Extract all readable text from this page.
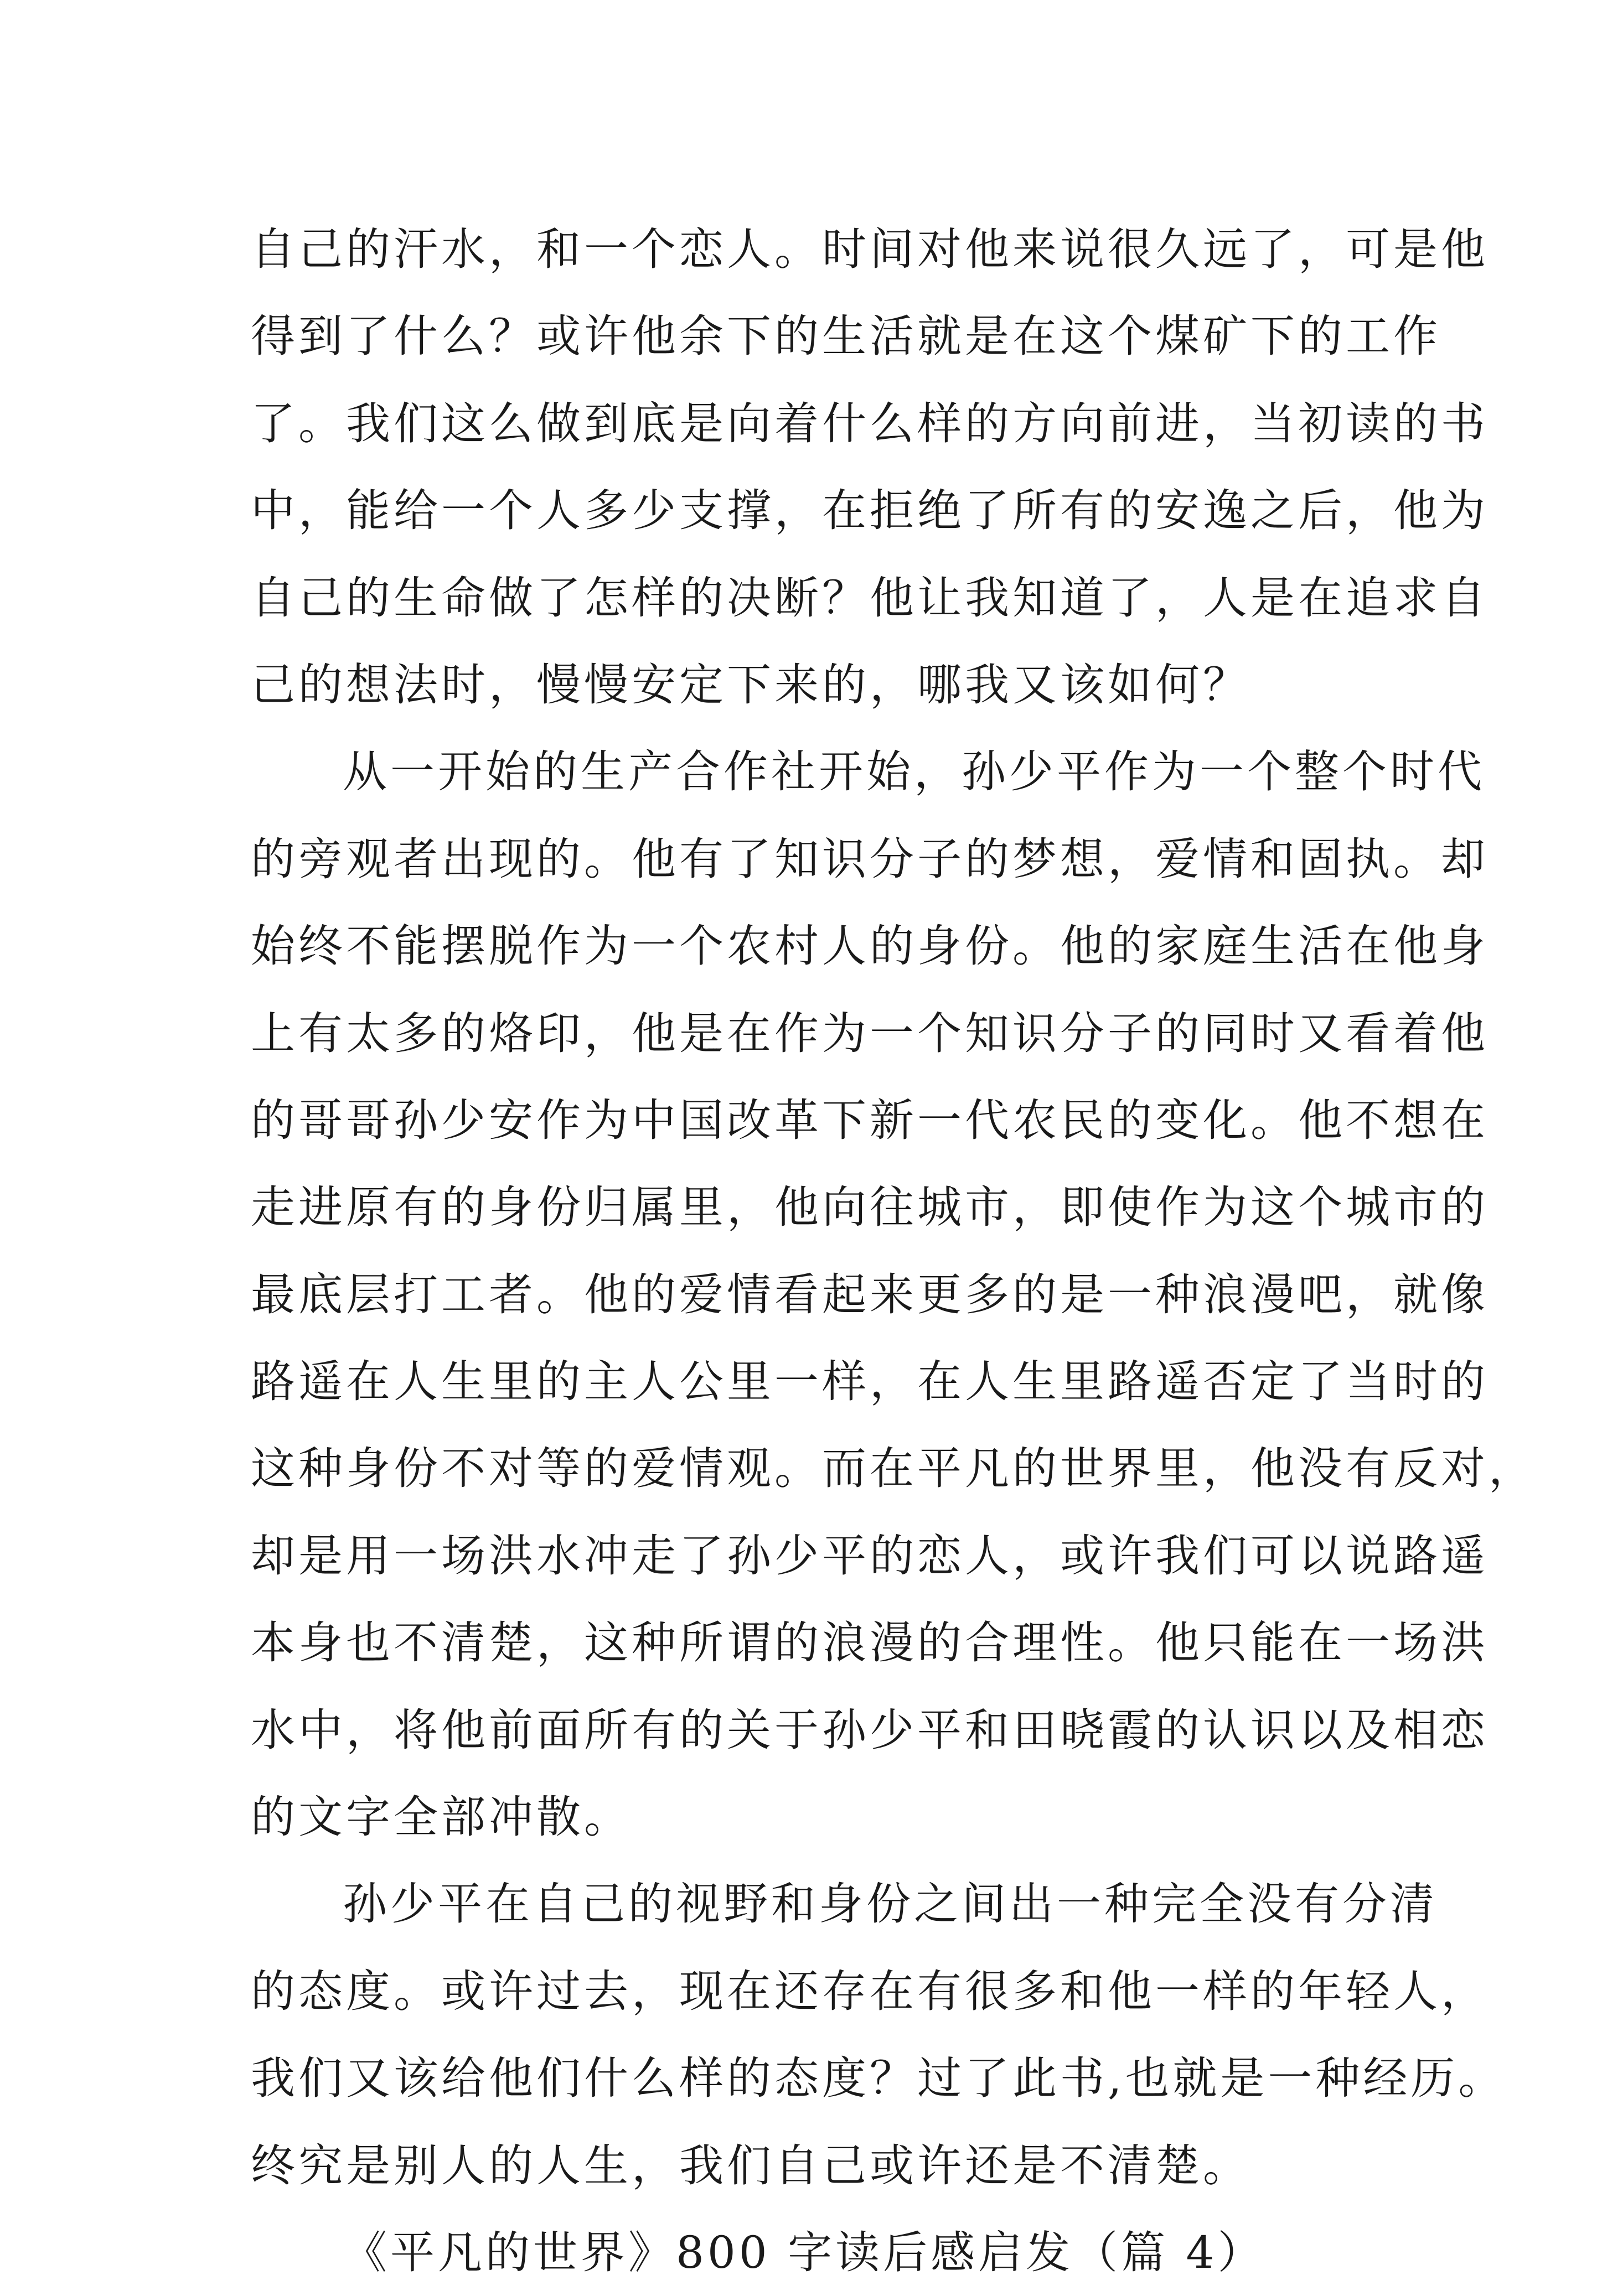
自己的汗水，和一个恋人。时间对他来说很久远了，可是他
得到了什么？或许他余下的生活就是在这个煤矿下的工作
了。我们这么做到底是向着什么样的方向前进，当初读的书
中，能给一个人多少支撑，在拒绝了所有的安逸之后，他为
自己的生命做了怎样的决断？他让我知道了，人是在追求自
己的想法时，慢慢安定下来的，哪我又该如何？

从一开始的生产合作社开始，孙少平作为一个整个时代
的旁观者出现的。他有了知识分子的梦想，爱情和固执。却
始终不能摆脱作为一个农村人的身份。他的家庭生活在他身
上有太多的烙印，他是在作为一个知识分子的同时又看着他
的哥哥孙少安作为中国改革下新一代农民的变化。他不想在
走进原有的身份归属里，他向往城市，即使作为这个城市的
最底层打工者。他的爱情看起来更多的是一种浪漫吧，就像
路遥在人生里的主人公里一样，在人生里路遥否定了当时的
这种身份不对等的爱情观。而在平凡的世界里，他没有反对，
却是用一场洪水冲走了孙少平的恋人，或许我们可以说路遥
本身也不清楚，这种所谓的浪漫的合理性。他只能在一场洪
水中，将他前面所有的关于孙少平和田晓霞的认识以及相恋
的文字全部冲散。

孙少平在自己的视野和身份之间出一种完全没有分清
的态度。或许过去，现在还存在有很多和他一样的年轻人，
我们又该给他们什么样的态度？过了此书,也就是一种经历。
终究是别人的人生，我们自己或许还是不清楚。

《平凡的世界》800 字读后感启发（篇 4）
